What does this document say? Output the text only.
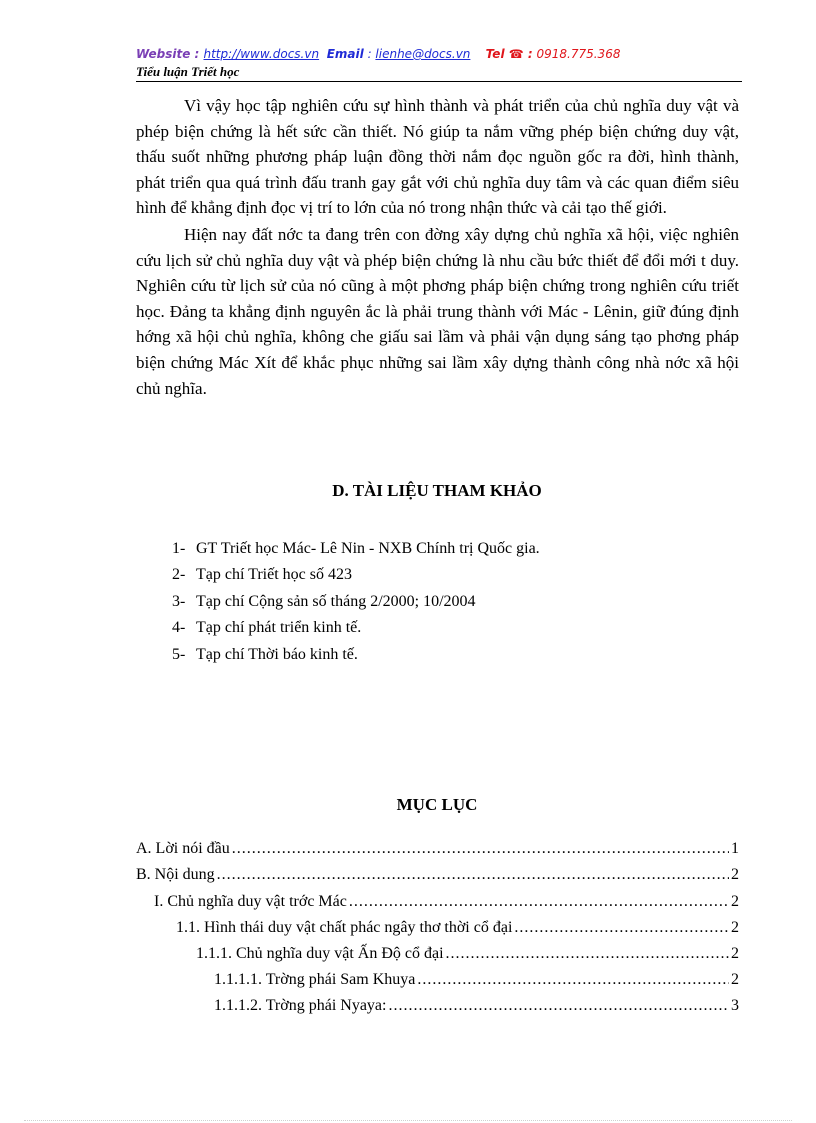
Website : http://www.docs.vn Email : lienhe@docs.vn Tel ☎ : 0918.775.368
Tiểu luận Triết học

Vì vậy học tập nghiên cứu sự hình thành và phát triển của chủ nghĩa duy vật và phép biện chứng là hết sức cần thiết. Nó giúp ta nắm vững phép biện chứng duy vật, thấu suốt những phương pháp luận đồng thời nắm đọc nguồn gốc ra đời, hình thành, phát triển qua quá trình đấu tranh gay gắt với chủ nghĩa duy tâm và các quan điểm siêu hình để khẳng định đọc vị trí to lớn của nó trong nhận thức và cải tạo thế giới.

Hiện nay đất nớc ta đang trên con đờng xây dựng chủ nghĩa xã hội, việc nghiên cứu lịch sử chủ nghĩa duy vật và phép biện chứng là nhu cầu bức thiết để đổi mới t duy. Nghiên cứu từ lịch sử của nó cũng à một phơng pháp biện chứng trong nghiên cứu triết học. Đảng ta khẳng định nguyên ắc là phải trung thành với Mác - Lênin, giữ đúng định hớng xã hội chủ nghĩa, không che giấu sai lầm và phải vận dụng sáng tạo phơng pháp biện chứng Mác Xít để khắc phục những sai lầm xây dựng thành công nhà nớc xã hội chủ nghĩa.

D. TÀI LIỆU THAM KHẢO
1- GT Triết học Mác- Lê Nin - NXB Chính trị Quốc gia.
2- Tạp chí Triết học số 423
3- Tạp chí Cộng sản số tháng 2/2000; 10/2004
4- Tạp chí phát triển kinh tế.
5- Tạp chí Thời báo kinh tế.
MỤC LỤC
A. Lời nói đầu .....	1
B. Nội dung .....	2
I. Chủ nghĩa duy vật trớc Mác .....	2
1.1. Hình thái duy vật chất phác ngây thơ thời cổ đại .....	2
1.1.1. Chủ nghĩa duy vật Ấn Độ cổ đại .....	2
1.1.1.1. Trờng phái Sam Khuya .....	2
1.1.1.2. Trờng phái Nyaya: .....	3
